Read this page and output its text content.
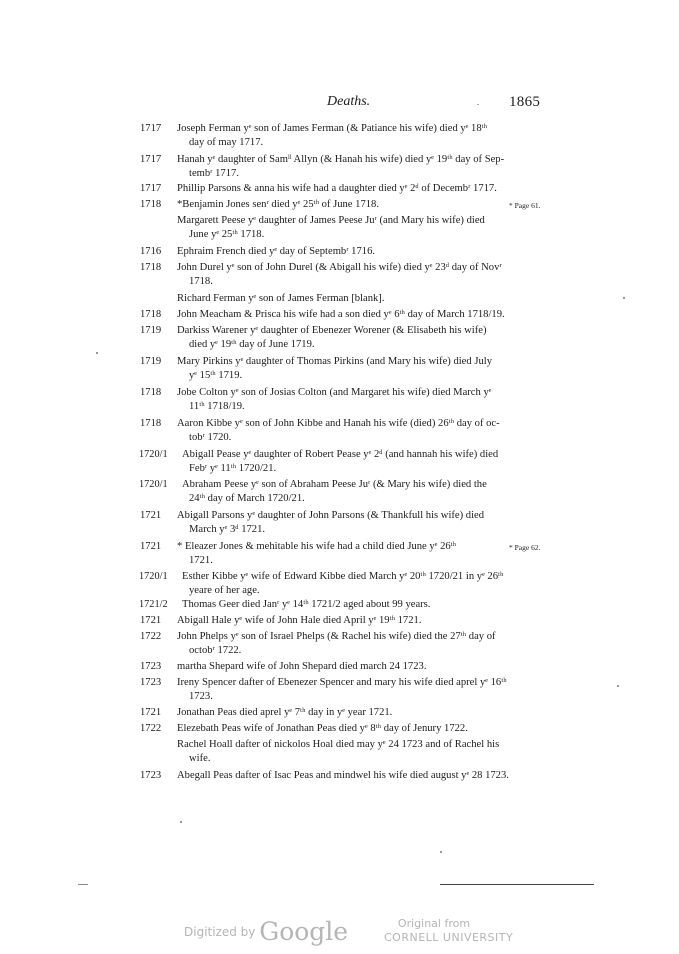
Deaths.	. 1865
1717 Joseph Ferman yᵉ son of James Ferman (& Patiance his wife) died yᵉ 18ᵗʰ
day of may 1717.
1717 Hanah yᵉ daughter of Samˡˡ Allyn (& Hanah his wife) died yᵉ 19ᵗʰ day of Sep-
tembʳ 1717.
1717 Phillip Parsons & anna his wife had a daughter died yᵉ 2ᵈ of Decembʳ 1717.
1718 *Benjamin Jones senʳ died yᵉ 25ᵗʰ of June 1718.	* Page 61.
Margarett Peese yᵉ daughter of James Peese Juʳ (and Mary his wife) died
June yᵉ 25ᵗʰ 1718.
1716 Ephraim French died yᵉ day of Septembʳ 1716.
1718 John Durel yᵉ son of John Durel (& Abigall his wife) died yᵉ 23ᵈ day of Novʳ
1718.
Richard Ferman yᵉ son of James Ferman [blank].
1718 John Meacham & Prisca his wife had a son died yᵉ 6ᵗʰ day of March 1718/19.
1719 Darkiss Warener yᵉ daughter of Ebenezer Worener (& Elisabeth his wife)
died yᵉ 19ᵗʰ day of June 1719.
1719 Mary Pirkins yᵉ daughter of Thomas Pirkins (and Mary his wife) died July
yᵉ 15ᵗʰ 1719.
1718 Jobe Colton yᵉ son of Josias Colton (and Margaret his wife) died March yᵉ
11ᵗʰ 1718/19.
1718 Aaron Kibbe yᵉ son of John Kibbe and Hanah his wife (died) 26ᵗʰ day of oc-
tobʳ 1720.
1720/1 Abigall Pease yᵉ daughter of Robert Pease yᵉ 2ᵈ (and hannah his wife) died
Febʳ yᵉ 11ᵗʰ 1720/21.
1720/1 Abraham Peese yᵉ son of Abraham Peese Juʳ (& Mary his wife) died the
24ᵗʰ day of March 1720/21.
1721 Abigall Parsons yᵉ daughter of John Parsons (& Thankfull his wife) died
March yᵉ 3ᵈ 1721.
1721 * Eleazer Jones & mehitable his wife had a child died June yᵉ 26ᵗʰ
1721.
* Page 62.
1720/1 Esther Kibbe yᵉ wife of Edward Kibbe died March yᵉ 20ᵗʰ 1720/21 in yᵉ 26ᵗʰ
yeare of her age.
1721/2 Thomas Geer died Janʳ yᵉ 14ᵗʰ 1721/2 aged about 99 years.
1721 Abigall Hale yᵉ wife of John Hale died April yᵉ 19ᵗʰ 1721.
1722 John Phelps yᵉ son of Israel Phelps (& Rachel his wife) died the 27ᵗʰ day of
octobʳ 1722.
1723 martha Shepard wife of John Shepard died march 24 1723.
1723 Ireny Spencer dafter of Ebenezer Spencer and mary his wife died aprel yᵉ 16ᵗʰ
1723.
1721 Jonathan Peas died aprel yᵉ 7ᵗʰ day in yᵉ year 1721.
1722 Elezebath Peas wife of Jonathan Peas died yᵉ 8ᵗʰ day of Jenury 1722.
Rachel Hoall dafter of nickolos Hoal died may yᵉ 24 1723 and of Rachel his
wife.
1723 Abegall Peas dafter of Isac Peas and mindwel his wife died august yᵉ 28 1723.
Digitized by Google	Original from
CORNELL UNIVERSITY
